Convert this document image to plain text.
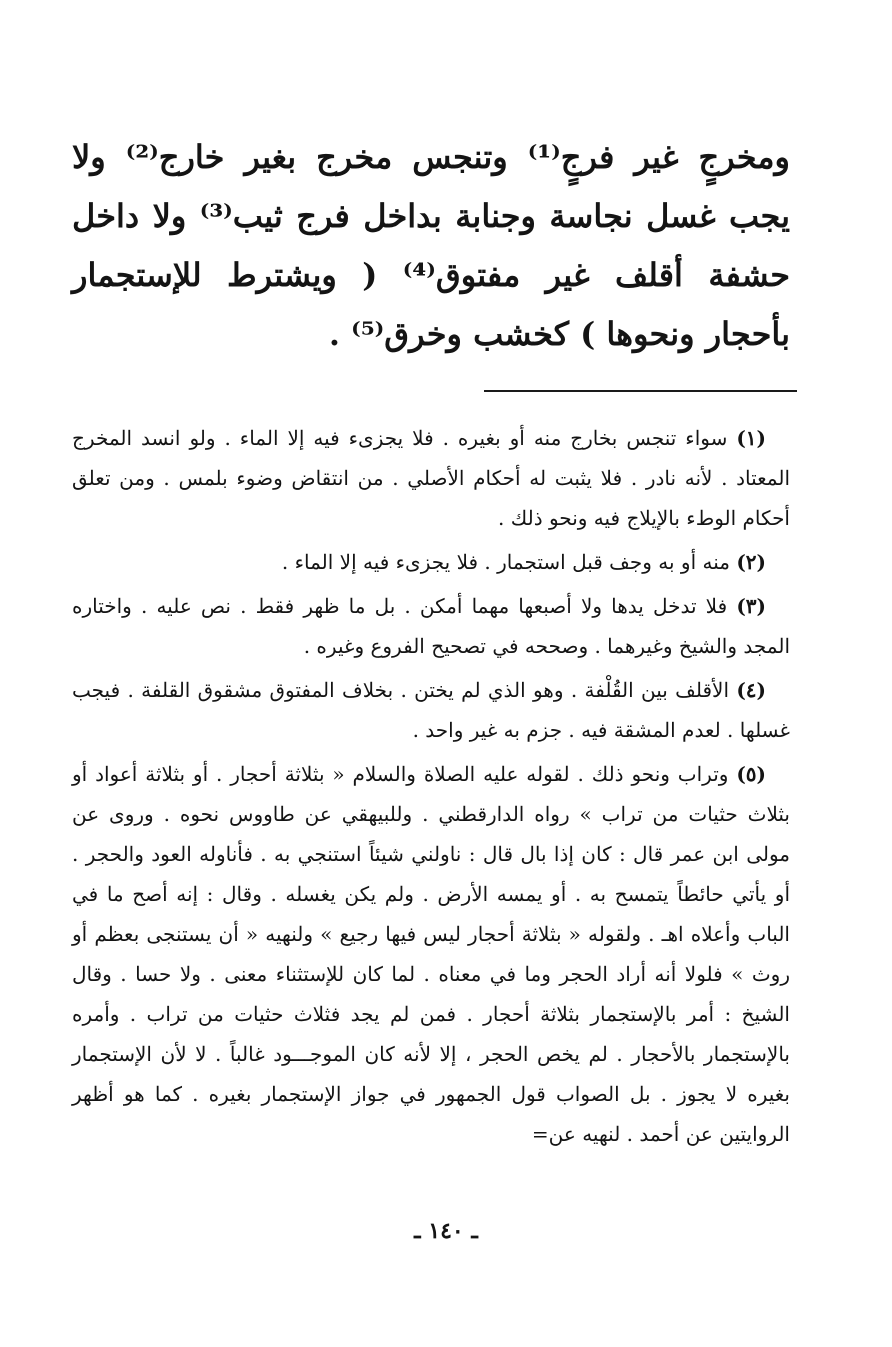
ومخرجٍ غير فرجٍ⁽¹⁾ وتنجس مخرج بغير خارج⁽²⁾ ولا يجب غسل نجاسة وجنابة بداخل فرج ثيب⁽³⁾ ولا داخل حشفة أقلف غير مفتوق⁽⁴⁾ ( ويشترط للإستجمار بأحجار ونحوها ) كخشب وخرق⁽⁵⁾ .

(١) سواء تنجس بخارج منه أو بغيره . فلا يجزىء فيه إلا الماء . ولو انسد المخرج المعتاد . لأنه نادر . فلا يثبت له أحكام الأصلي . من انتقاض وضوء بلمس . ومن تعلق أحكام الوطء بالإيلاج فيه ونحو ذلك .

(٢) منه أو به وجف قبل استجمار . فلا يجزىء فيه إلا الماء .

(٣) فلا تدخل يدها ولا أصبعها مهما أمكن . بل ما ظهر فقط . نص عليه . واختاره المجد والشيخ وغيرهما . وصححه في تصحيح الفروع وغيره .

(٤) الأقلف بين القُلْفة . وهو الذي لم يختن . بخلاف المفتوق مشقوق القلفة . فيجب غسلها . لعدم المشقة فيه . جزم به غير واحد .

(٥) وتراب ونحو ذلك . لقوله عليه الصلاة والسلام « بثلاثة أحجار . أو بثلاثة أعواد أو بثلاث حثيات من تراب » رواه الدارقطني . وللبيهقي عن طاووس نحوه . وروى عن مولى ابن عمر قال : كان إذا بال قال : ناولني شيئاً استنجي به . فأناوله العود والحجر . أو يأتي حائطاً يتمسح به . أو يمسه الأرض . ولم يكن يغسله . وقال : إنه أصح ما في الباب وأعلاه اهـ . ولقوله « بثلاثة أحجار ليس فيها رجيع » ولنهيه « أن يستنجى بعظم أو روث » فلولا أنه أراد الحجر وما في معناه . لما كان للإستثناء معنى . ولا حسا . وقال الشيخ : أمر بالإستجمار بثلاثة أحجار . فمن لم يجد فثلاث حثيات من تراب . وأمره بالإستجمار بالأحجار . لم يخص الحجر ، إلا لأنه كان الموجـــود غالباً . لا لأن الإستجمار بغيره لا يجوز . بل الصواب قول الجمهور في جواز الإستجمار بغيره . كما هو أظهر الروايتين عن أحمد . لنهيه عن=

ـ ١٤٠ ـ
